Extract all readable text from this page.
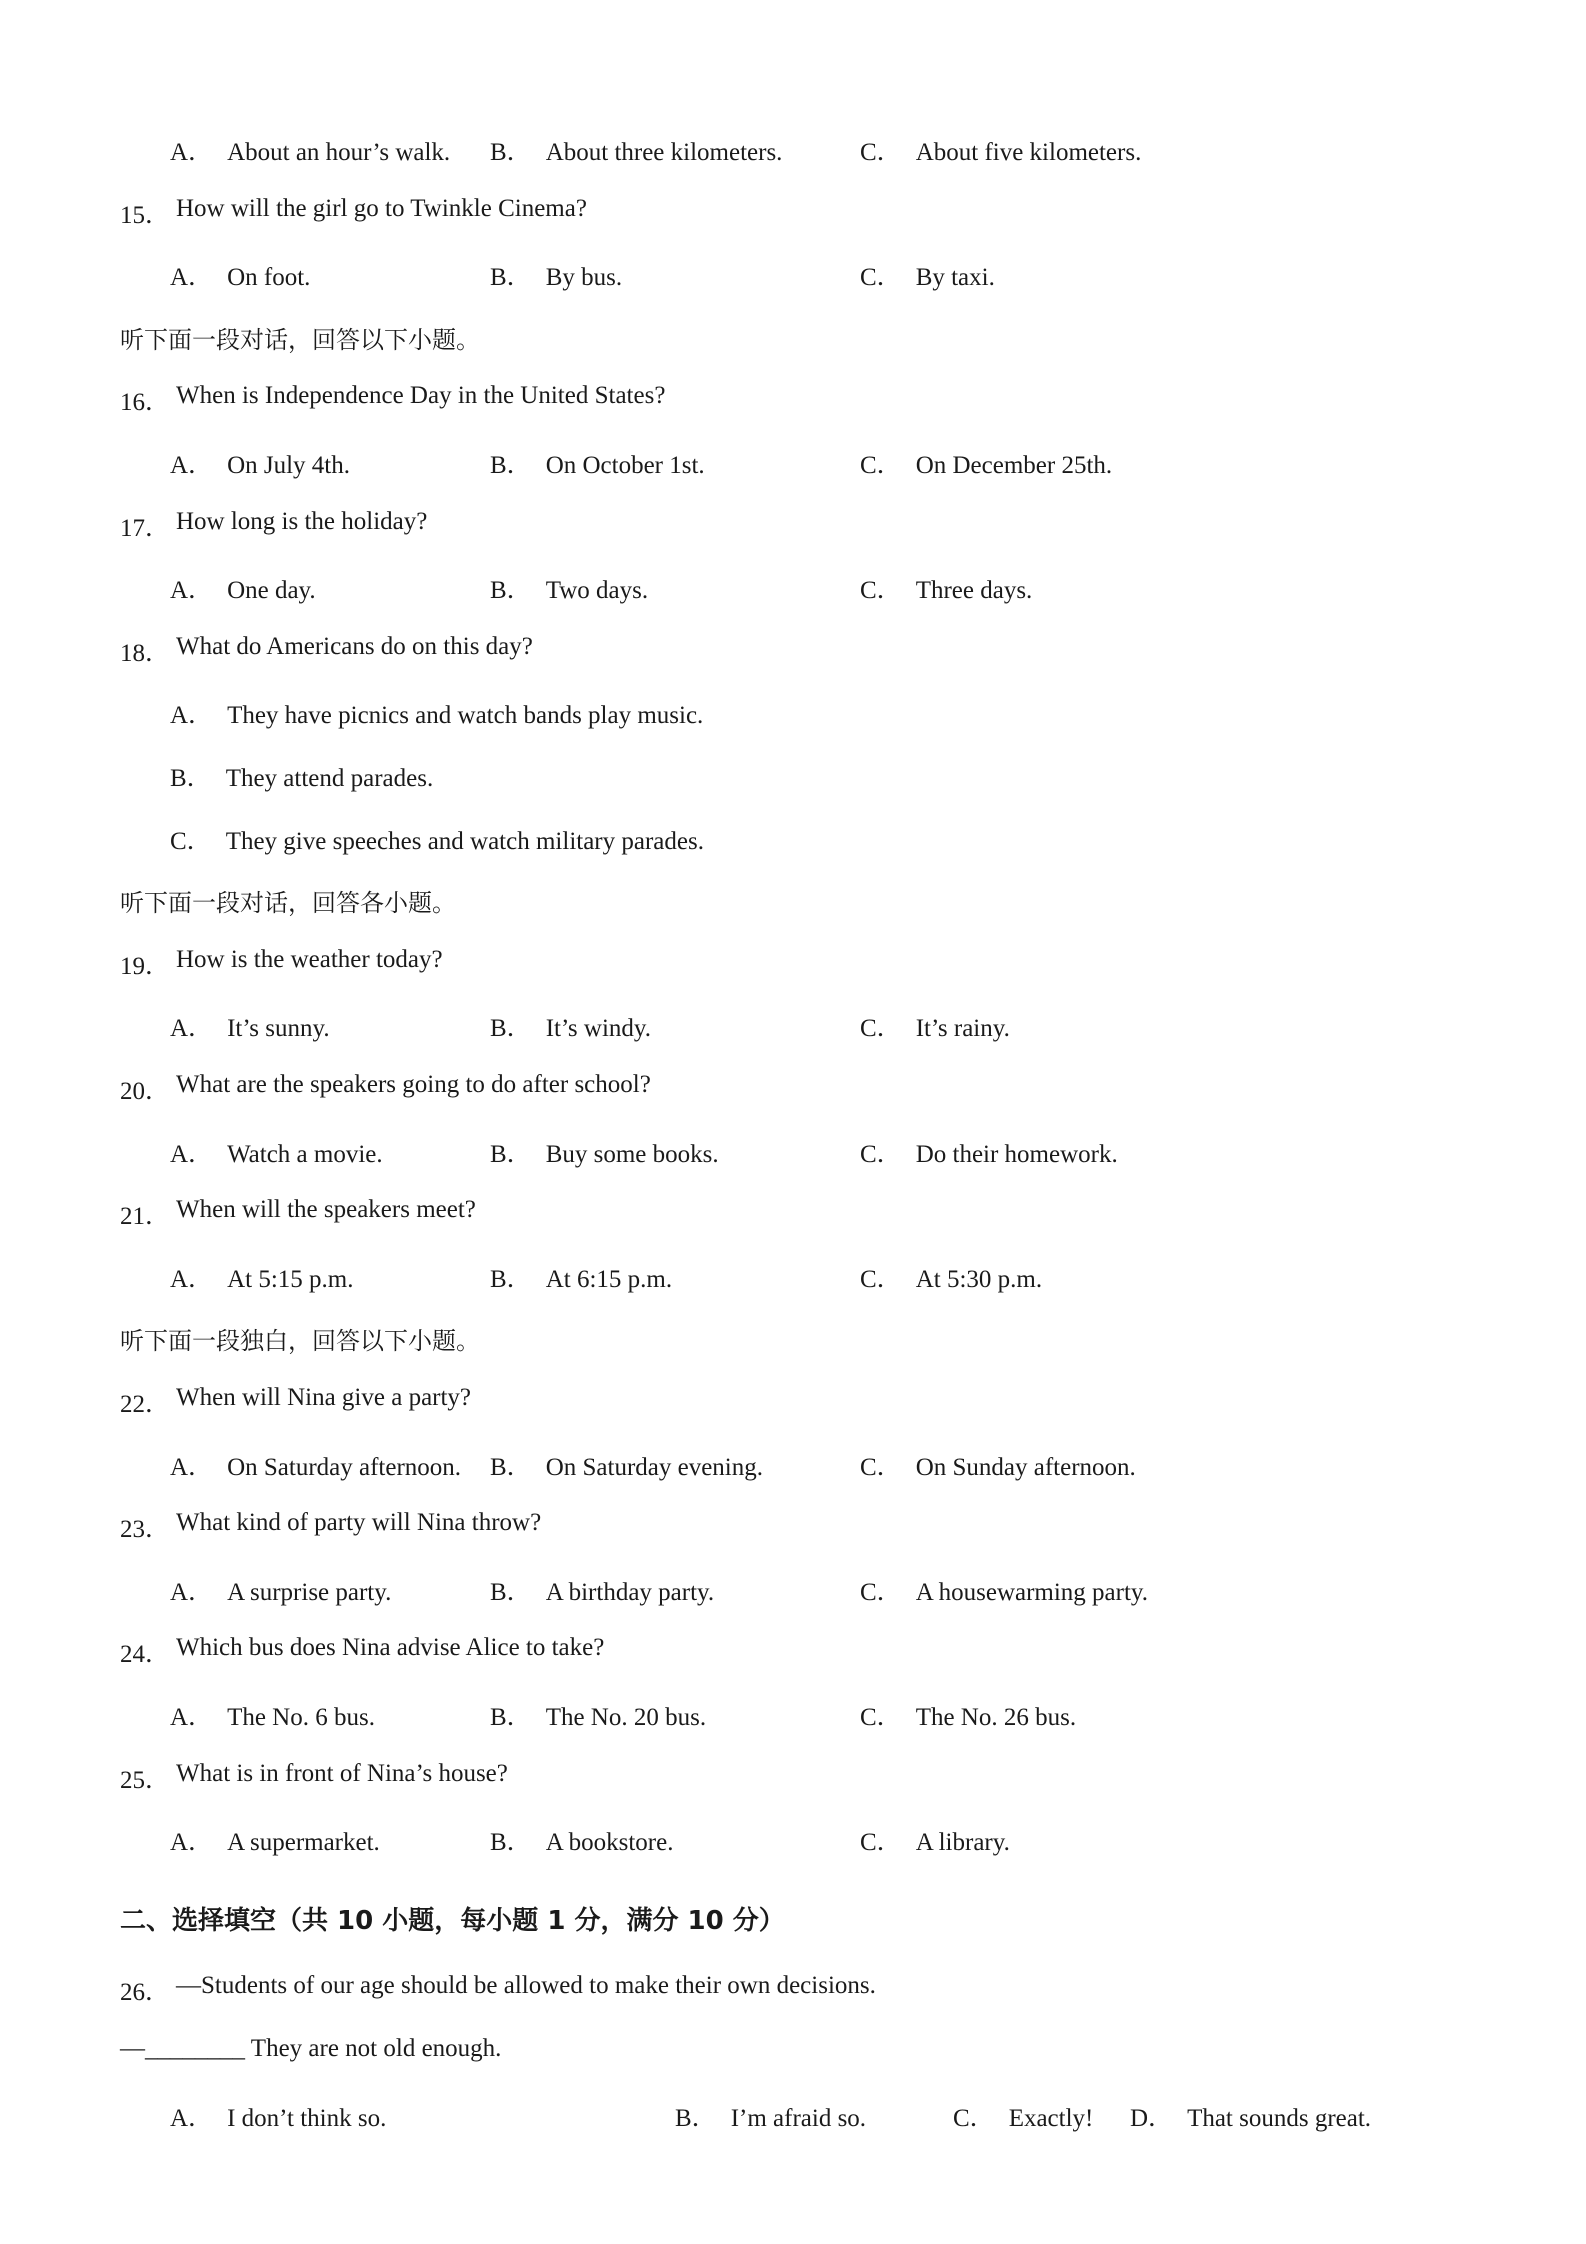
A． About an hour’s walk. B． About three kilometers.	C． About five kilometers.
15． How will the girl go to Twinkle Cinema?
A． On foot.	B． By bus.	C． By taxi.
听下面一段对话，回答以下小题。
16． When is Independence Day in the United States?
A． On July 4th.	B． On October 1st.	C． On December 25th.
17． How long is the holiday?
A． One day.	B． Two days.	C． Three days.
18． What do Americans do on this day?
A． They have picnics and watch bands play music.
B． They attend parades.
C． They give speeches and watch military parades.
听下面一段对话，回答各小题。
19． How is the weather today?
A． It’s sunny.	B． It’s windy.	C． It’s rainy.
20． What are the speakers going to do after school?
A． Watch a movie.	B． Buy some books.	C． Do their homework.
21． When will the speakers meet?
A． At 5:15 p.m.	B． At 6:15 p.m.	C． At 5:30 p.m.
听下面一段独白，回答以下小题。
22． When will Nina give a party?
A． On Saturday afternoon. B． On Saturday evening.	C． On Sunday afternoon.
23． What kind of party will Nina throw?
A． A surprise party.	B． A birthday party.	C． A housewarming party.
24． Which bus does Nina advise Alice to take?
A． The No. 6 bus.	B． The No. 20 bus.	C． The No. 26 bus.
25． What is in front of Nina’s house?
A． A supermarket.	B． A bookstore.	C． A library.
二、选择填空（共 10 小题，每小题 1 分，满分 10 分）
26． —Students of our age should be allowed to make their own decisions.
—________ They are not old enough.
A． I don’t think so.	B． I’m afraid so.	C． Exactly! D． That sounds great.
